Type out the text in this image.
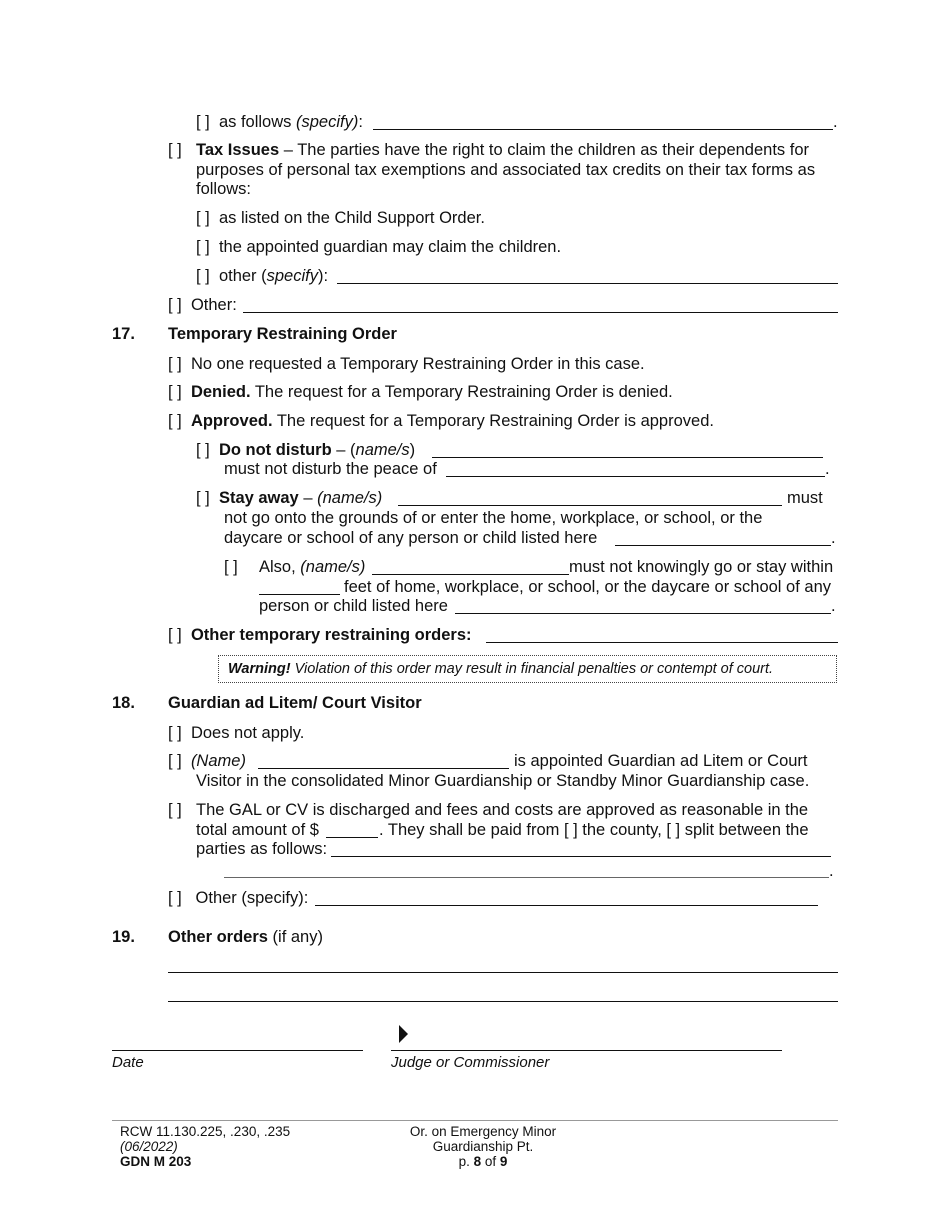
[ ] as follows (specify):	.
[ ] Tax Issues – The parties have the right to claim the children as their dependents for
purposes of personal tax exemptions and associated tax credits on their tax forms as
follows:
[ ] as listed on the Child Support Order.
[ ] the appointed guardian may claim the children.
[ ] other (specify):
[ ] Other:
17. Temporary Restraining Order
[ ] No one requested a Temporary Restraining Order in this case.
[ ] Denied. The request for a Temporary Restraining Order is denied.
[ ] Approved. The request for a Temporary Restraining Order is approved.
[ ] Do not disturb – (name/s)
must not disturb the peace of	.
[ ] Stay away – (name/s)	must
not go onto the grounds of or enter the home, workplace, or school, or the
daycare or school of any person or child listed here	.
[ ] Also, (name/s)	must not knowingly go or stay within
feet of home, workplace, or school, or the daycare or school of any
person or child listed here	.
[ ] Other temporary restraining orders:
Warning! Violation of this order may result in financial penalties or contempt of court.
18. Guardian ad Litem/ Court Visitor
[ ] Does not apply.
[ ] (Name)	is appointed Guardian ad Litem or Court
Visitor in the consolidated Minor Guardianship or Standby Minor Guardianship case.
[ ] The GAL or CV is discharged and fees and costs are approved as reasonable in the
total amount of $	. They shall be paid from [ ] the county, [ ] split between the
parties as follows:
.
[ ] Other (specify):
19. Other orders (if any)
Date	Judge or Commissioner
RCW 11.130.225, .230, .235
(06/2022)
GDN M 203
Or. on Emergency Minor
Guardianship Pt.
p. 8 of 9
